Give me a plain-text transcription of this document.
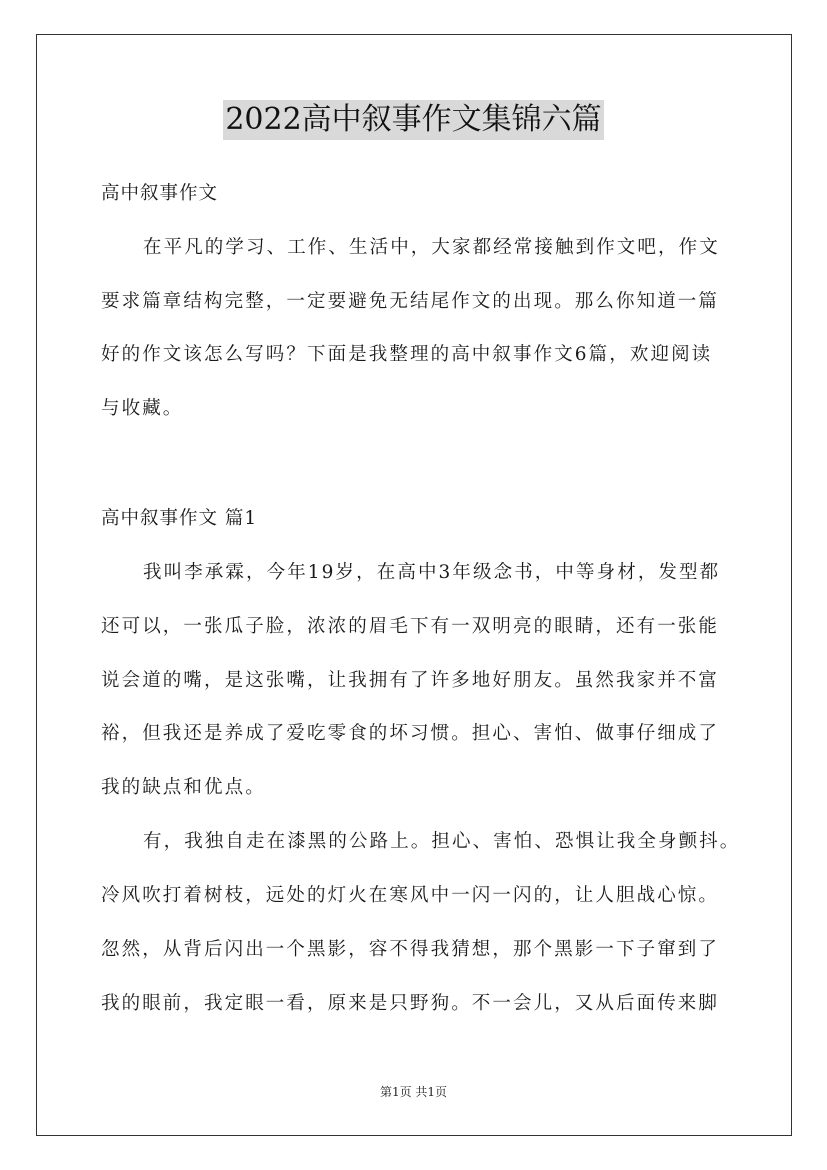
2022高中叙事作文集锦六篇
高中叙事作文
在平凡的学习、工作、生活中，大家都经常接触到作文吧，作文
要求篇章结构完整，一定要避免无结尾作文的出现。那么你知道一篇
好的作文该怎么写吗？下面是我整理的高中叙事作文6篇，欢迎阅读
与收藏。
高中叙事作文 篇1
我叫李承霖，今年19岁，在高中3年级念书，中等身材，发型都
还可以，一张瓜子脸，浓浓的眉毛下有一双明亮的眼睛，还有一张能
说会道的嘴，是这张嘴，让我拥有了许多地好朋友。虽然我家并不富
裕，但我还是养成了爱吃零食的坏习惯。担心、害怕、做事仔细成了
我的缺点和优点。
有，我独自走在漆黑的公路上。担心、害怕、恐惧让我全身颤抖。
冷风吹打着树枝，远处的灯火在寒风中一闪一闪的，让人胆战心惊。
忽然，从背后闪出一个黑影，容不得我猜想，那个黑影一下子窜到了
我的眼前，我定眼一看，原来是只野狗。不一会儿，又从后面传来脚
第1页 共1页
